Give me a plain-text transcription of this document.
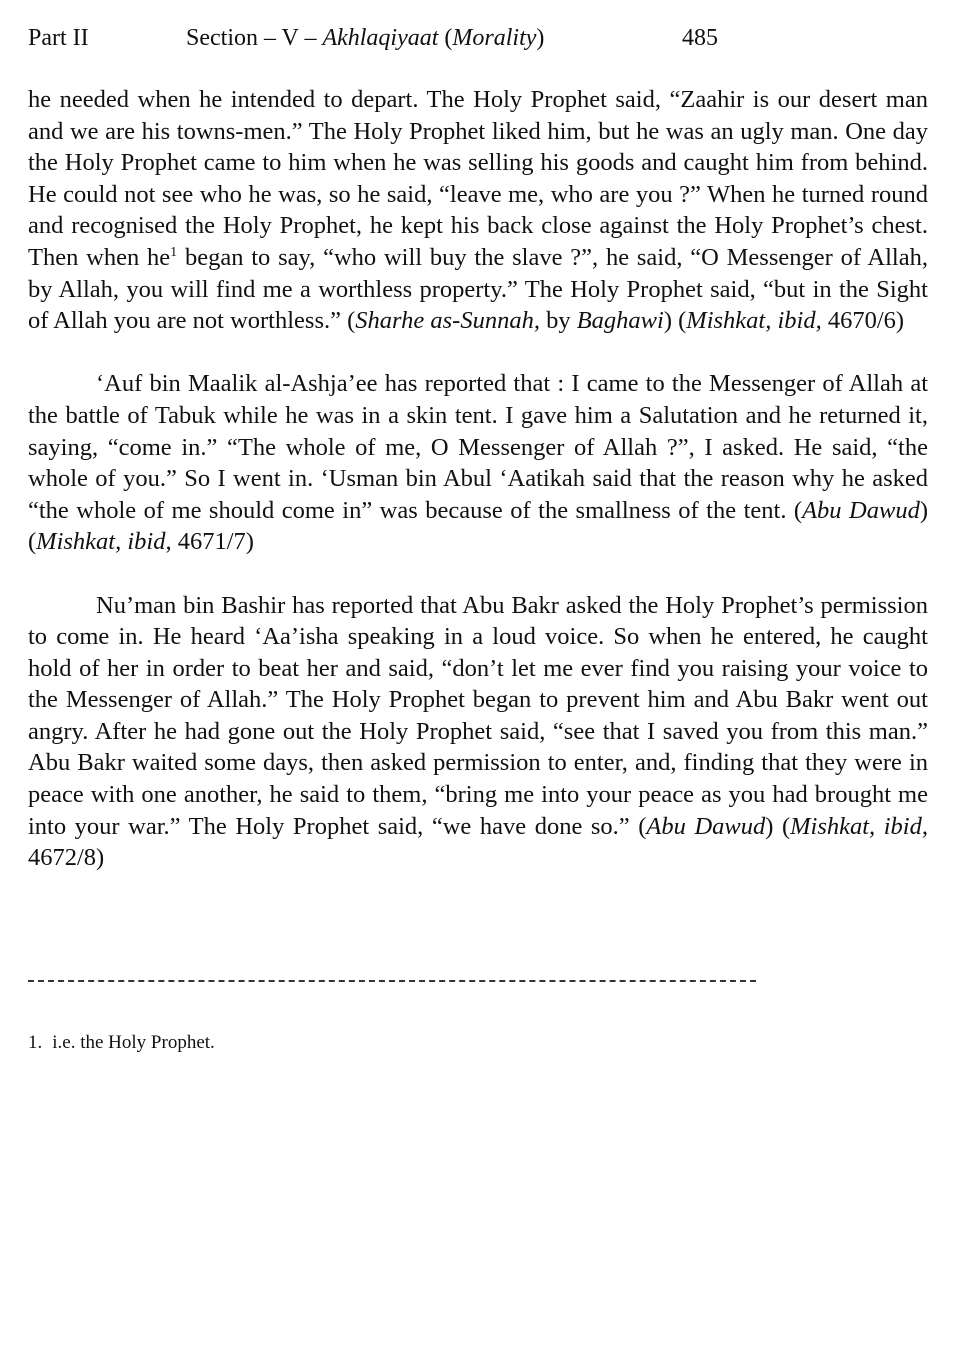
Part II	Section – V – Akhlaqiyaat (Morality)	485

he needed when he intended to depart. The Holy Prophet said, “Zaahir is our desert man and we are his towns-men.” The Holy Prophet liked him, but he was an ugly man. One day the Holy Prophet came to him when he was selling his goods and caught him from behind. He could not see who he was, so he said, “leave me, who are you ?” When he turned round and recognised the Holy Prophet, he kept his back close against the Holy Prophet’s chest. Then when $he^1$ began to say, “who will buy the slave ?”, he said, “O Messenger of Allah, by Allah, you will find me a worthless property.” The Holy Prophet said, “but in the Sight of Allah you are not worthless.” (Sharhe as-Sunnah, by Baghawi) (Mishkat, ibid, 4670/6)

‘Auf bin Maalik al-Ashja’ee has reported that : I came to the Messenger of Allah at the battle of Tabuk while he was in a skin tent. I gave him a Salutation and he returned it, saying, “come in.” “The whole of me, O Messenger of Allah ?”, I asked. He said, “the whole of you.” So I went in. ‘Usman bin Abul ‘Aatikah said that the reason why he asked “the whole of me should come in” was because of the smallness of the tent. (Abu Dawud) (Mishkat, ibid, 4671/7)

Nu’man bin Bashir has reported that Abu Bakr asked the Holy Prophet’s permission to come in. He heard ‘Aa’isha speaking in a loud voice. So when he entered, he caught hold of her in order to beat her and said, “don’t let me ever find you raising your voice to the Messenger of Allah.” The Holy Prophet began to prevent him and Abu Bakr went out angry. After he had gone out the Holy Prophet said, “see that I saved you from this man.” Abu Bakr waited some days, then asked permission to enter, and, finding that they were in peace with one another, he said to them, “bring me into your peace as you had brought me into your war.” The Holy Prophet said, “we have done so.” (Abu Dawud) (Mishkat, ibid, 4672/8)

1. i.e. the Holy Prophet.
